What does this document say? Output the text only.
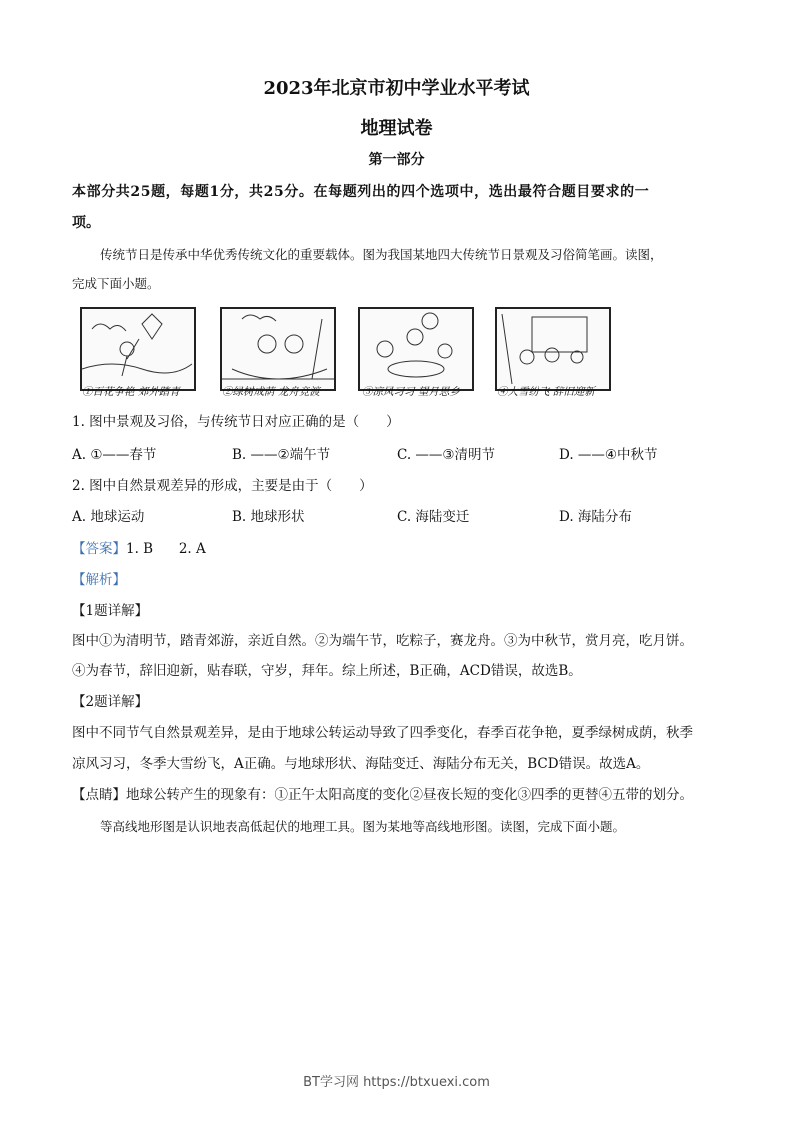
2023年北京市初中学业水平考试
地理试卷
第一部分
本部分共25题，每题1分，共25分。在每题列出的四个选项中，选出最符合题目要求的一
项。
传统节日是传承中华优秀传统文化的重要载体。图为我国某地四大传统节日景观及习俗简笔画。读图，
完成下面小题。
①百花争艳 郊外踏青	②绿树成荫 龙舟竞渡	③凉风习习 望月思乡	④大雪纷飞 辞旧迎新
1. 图中景观及习俗，与传统节日对应正确的是（　　）
A. ①——春节	B. ——②端午节	C. ——③清明节	D. ——④中秋节
2. 图中自然景观差异的形成，主要是由于（　　）
A. 地球运动	B. 地球形状	C. 海陆变迁	D. 海陆分布
【答案】1. B      2. A
【解析】
【1题详解】
图中①为清明节，踏青郊游，亲近自然。②为端午节，吃粽子，赛龙舟。③为中秋节，赏月亮，吃月饼。
④为春节，辞旧迎新，贴春联，守岁，拜年。综上所述，B正确，ACD错误，故选B。
【2题详解】
图中不同节气自然景观差异，是由于地球公转运动导致了四季变化，春季百花争艳，夏季绿树成荫，秋季
凉风习习，冬季大雪纷飞，A正确。与地球形状、海陆变迁、海陆分布无关，BCD错误。故选A。
【点睛】地球公转产生的现象有：①正午太阳高度的变化②昼夜长短的变化③四季的更替④五带的划分。
等高线地形图是认识地表高低起伏的地理工具。图为某地等高线地形图。读图，完成下面小题。
BT学习网 https://btxuexi.com
